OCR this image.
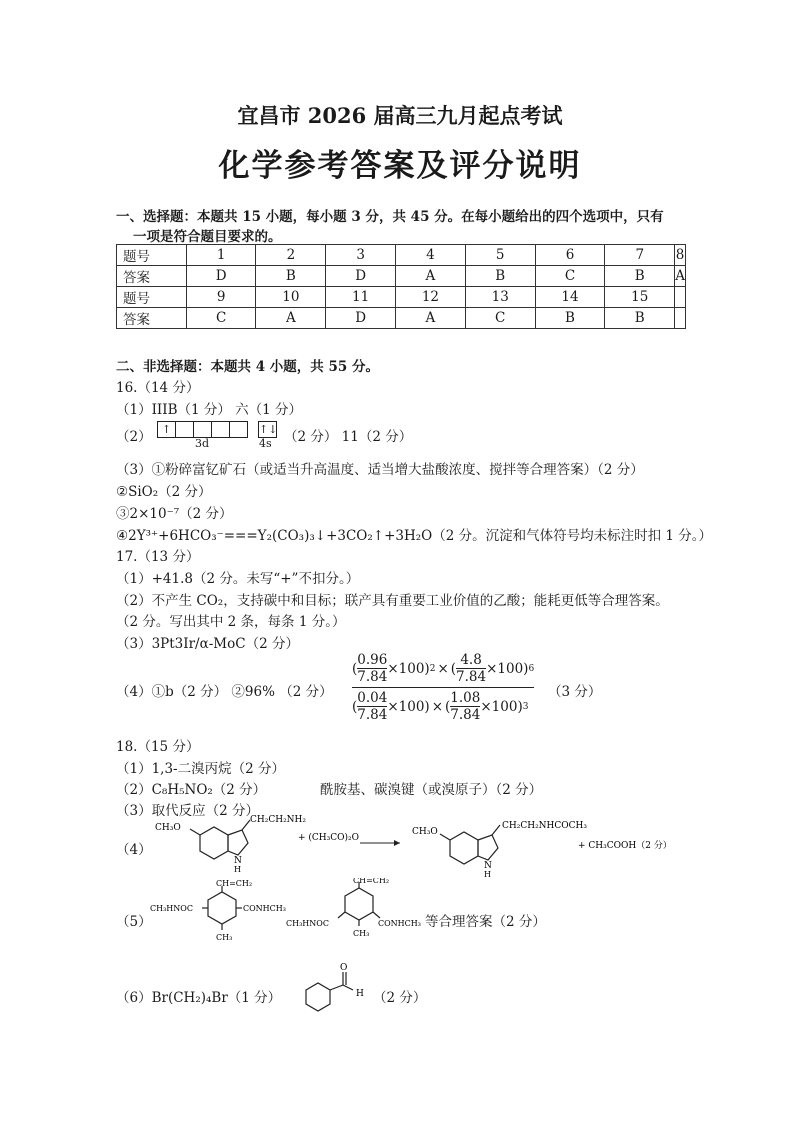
宜昌市 2026 届高三九月起点考试
化学参考答案及评分说明
一、选择题：本题共 15 小题，每小题 3 分，共 45 分。在每小题给出的四个选项中，只有
一项是符合题目要求的。
题号	1	2	3	4	5	6	7	8
答案	D	B	D	A	B	C	B	A
题号	9	10	11	12	13	14	15	
答案	C	A	D	A	C	B	B	
二、非选择题：本题共 4 小题，共 55 分。
16.（14 分）
（1）IIIB（1 分） 六（1 分）
（2） ↑	↑↓
3d	4s （2 分） 11（2 分）
（3）①粉碎富钇矿石（或适当升高温度、适当增大盐酸浓度、搅拌等合理答案）（2 分）
②SiO₂（2 分）
③2×10⁻⁷（2 分）
④2Y³⁺+6HCO₃⁻===Y₂(CO₃)₃↓+3CO₂↑+3H₂O（2 分。沉淀和气体符号均未标注时扣 1 分。）
17.（13 分）
（1）+41.8（2 分。未写“+”不扣分。）
（2）不产生 CO₂，支持碳中和目标；联产具有重要工业价值的乙酸；能耗更低等合理答案。
（2 分。写出其中 2 条，每条 1 分。）
（3）3Pt3Ir/α-MoC（2 分）
（4）①b（2 分） ②96% （2 分）
( $\frac{0.96}{7.84} \times 100$) 2 × ( $\frac{4.8}{7.84} \times 100$) 6
( $\frac{0.04}{7.84} \times 100$) × ( $\frac{1.08}{7.84} \times 100$) 3
（3 分）
18.（15 分）
（1）1,3-二溴丙烷（2 分）
（2）C₈H₅NO₂（2 分）	酰胺基、碳溴键（或溴原子）（2 分）
（3）取代反应（2 分）
（4）
CH₃O
CH₂CH₂NH₂
N
H
+ (CH₃CO)₂O
CH₃O
CH₂CH₂NHCOCH₃
N
H
+ CH₃COOH（2 分）
（5）
CH=CH₂
CH₃HNOC	CONHCH₃
CH₃
CH=CH₂
CH₃HNOC	CONHCH₃
CH₃
等合理答案（2 分）
（6）Br(CH₂)₄Br（1 分）
O
H （2 分）
